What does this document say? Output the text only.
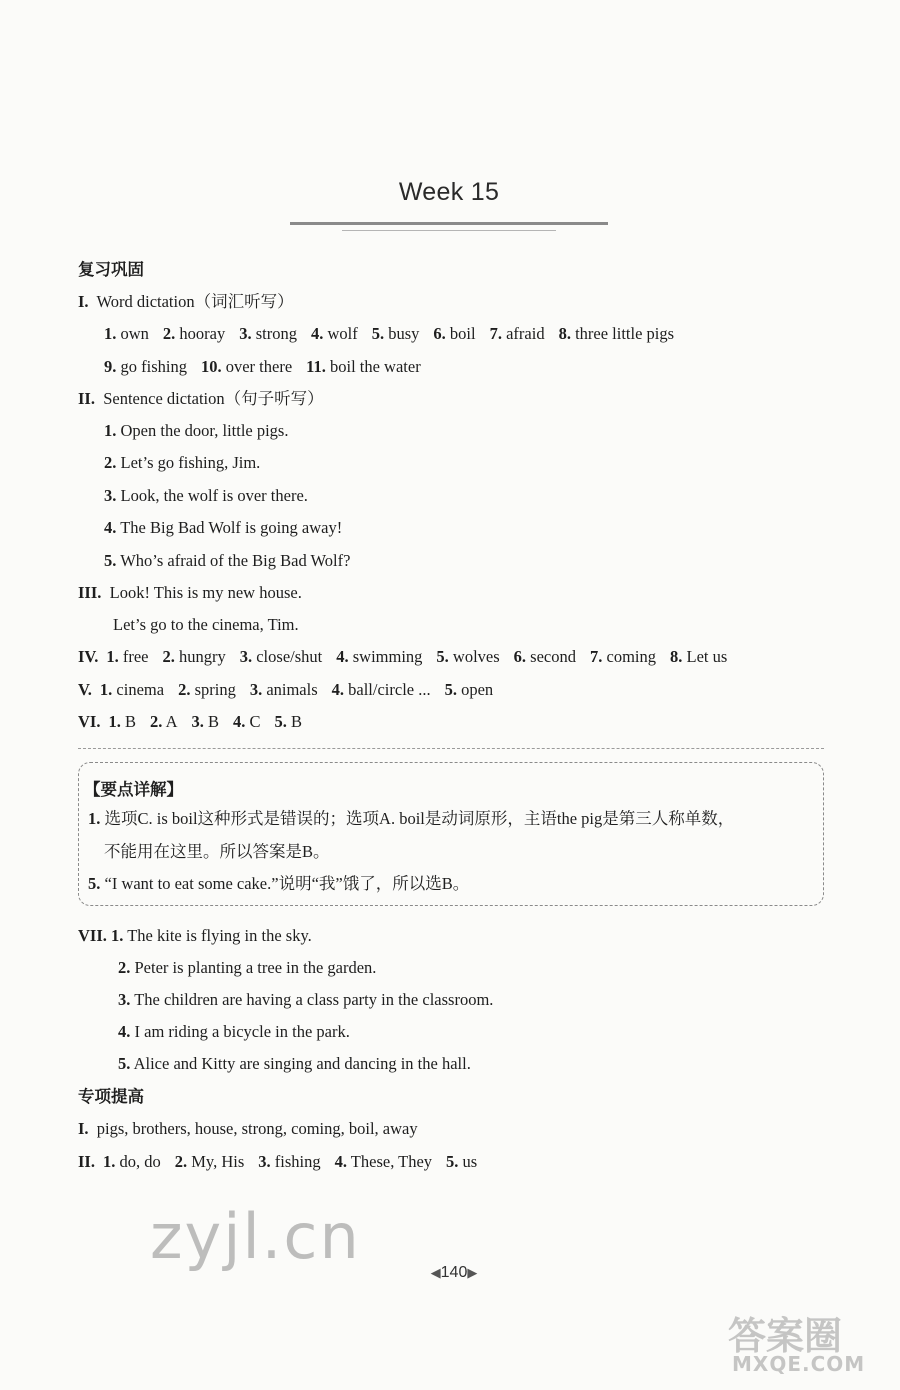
Week 15
复习巩固
I. Word dictation（词汇听写）
1. own 2. hooray 3. strong 4. wolf 5. busy 6. boil 7. afraid 8. three little pigs
9. go fishing 10. over there 11. boil the water
II. Sentence dictation（句子听写）
1. Open the door, little pigs.
2. Let’s go fishing, Jim.
3. Look, the wolf is over there.
4. The Big Bad Wolf is going away!
5. Who’s afraid of the Big Bad Wolf?
III. Look! This is my new house.
Let’s go to the cinema, Tim.
IV. 1. free 2. hungry 3. close/shut 4. swimming 5. wolves 6. second 7. coming 8. Let us
V. 1. cinema 2. spring 3. animals 4. ball/circle ... 5. open
VI. 1. B 2. A 3. B 4. C 5. B
【要点详解】
1. 选项C. is boil这种形式是错误的；选项A. boil是动词原形，主语the pig是第三人称单数，
不能用在这里。所以答案是B。
5. “I want to eat some cake.”说明“我”饿了，所以选B。
VII. 1. The kite is flying in the sky.
2. Peter is planting a tree in the garden.
3. The children are having a class party in the classroom.
4. I am riding a bicycle in the park.
5. Alice and Kitty are singing and dancing in the hall.
专项提高
I. pigs, brothers, house, strong, coming, boil, away
II. 1. do, do 2. My, His 3. fishing 4. These, They 5. us
◀140▶
zyjl.cn
答案圈
MXQE.COM
